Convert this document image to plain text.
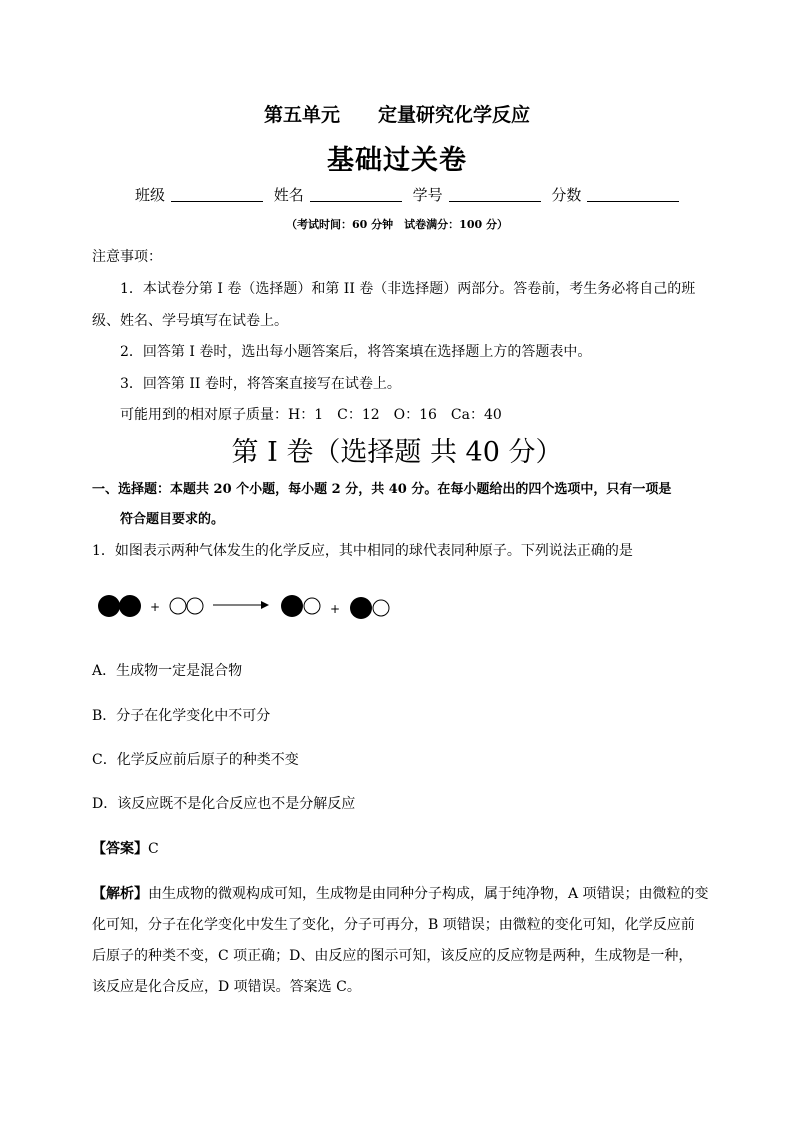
第五单元 定量研究化学反应
基础过关卷
班级	姓名	学号	分数
（考试时间：60 分钟　试卷满分：100 分）
注意事项：
1．本试卷分第 I 卷（选择题）和第 II 卷（非选择题）两部分。答卷前，考生务必将自己的班
级、姓名、学号填写在试卷上。
2．回答第 I 卷时，选出每小题答案后，将答案填在选择题上方的答题表中。
3．回答第 II 卷时，将答案直接写在试卷上。
可能用到的相对原子质量：H：1　C：12　O：16　Ca：40
第 I 卷（选择题 共 40 分）
一、选择题：本题共 20 个小题，每小题 2 分，共 40 分。在每小题给出的四个选项中，只有一项是
符合题目要求的。
1．如图表示两种气体发生的化学反应，其中相同的球代表同种原子。下列说法正确的是
+	+
A．生成物一定是混合物
B．分子在化学变化中不可分
C．化学反应前后原子的种类不变
D．该反应既不是化合反应也不是分解反应
【答案】C
【解析】由生成物的微观构成可知，生成物是由同种分子构成，属于纯净物，A 项错误；由微粒的变
化可知，分子在化学变化中发生了变化，分子可再分，B 项错误；由微粒的变化可知，化学反应前
后原子的种类不变，C 项正确；D、由反应的图示可知，该反应的反应物是两种，生成物是一种，
该反应是化合反应，D 项错误。答案选 C。
